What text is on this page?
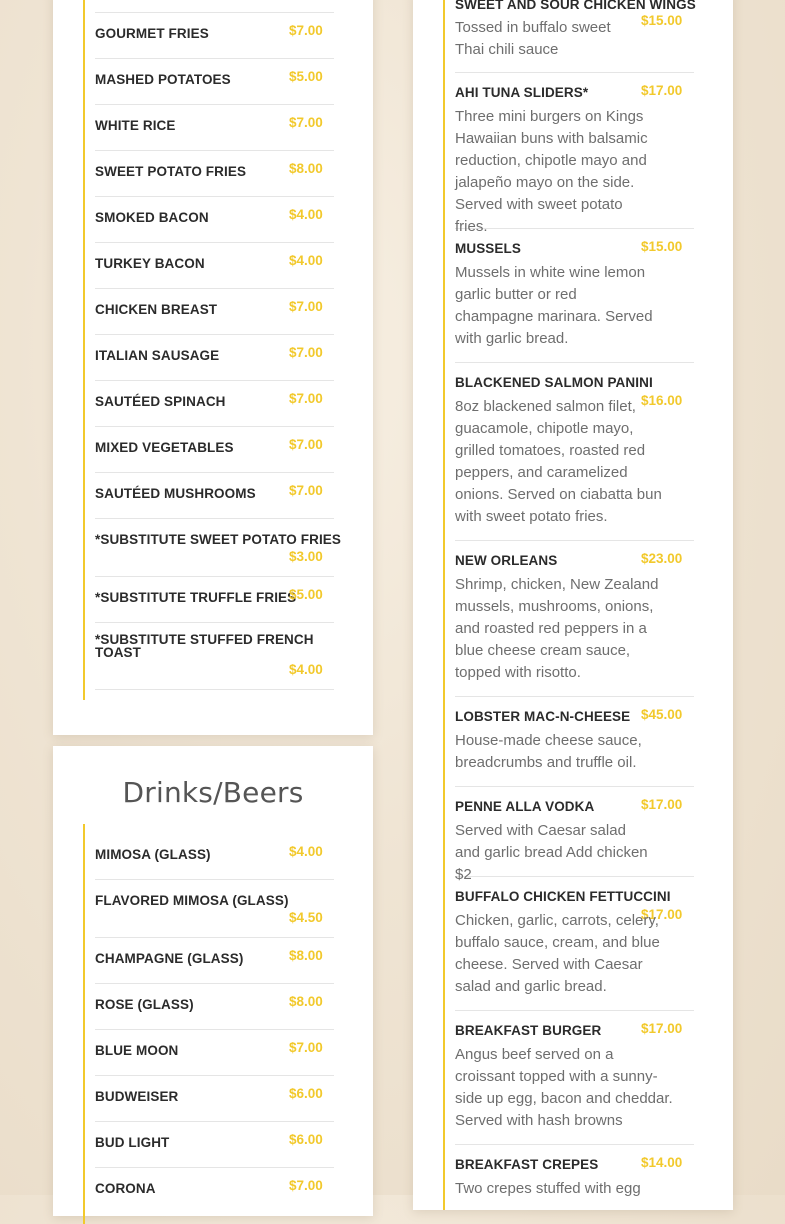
GOURMET FRIES	$7.00
MASHED POTATOES	$5.00
WHITE RICE	$7.00
SWEET POTATO FRIES	$8.00
SMOKED BACON	$4.00
TURKEY BACON	$4.00
CHICKEN BREAST	$7.00
ITALIAN SAUSAGE	$7.00
SAUTÉED SPINACH	$7.00
MIXED VEGETABLES	$7.00
SAUTÉED MUSHROOMS $7.00
*SUBSTITUTE SWEET POTATO FRIES
$3.00
*SUBSTITUTE TRUFFLE FRIES
$5.00
*SUBSTITUTE STUFFED FRENCH TOAST
$4.00
Drinks/Beers
MIMOSA (GLASS)	$4.00
FLAVORED MIMOSA (GLASS)
$4.50
CHAMPAGNE (GLASS)	$8.00
ROSE (GLASS)	$8.00
BLUE MOON	$7.00
BUDWEISER	$6.00
BUD LIGHT	$6.00
CORONA	$7.00
SWEET AND SOUR CHICKEN WINGS
$15.00
Tossed in buffalo sweet Thai chili sauce
AHI TUNA SLIDERS*	$17.00
Three mini burgers on Kings Hawaiian buns with balsamic reduction, chipotle mayo and jalapeño mayo on the side. Served with sweet potato fries.
MUSSELS	$15.00
Mussels in white wine lemon garlic butter or red champagne marinara. Served with garlic bread.
BLACKENED SALMON PANINI
$16.00
8oz blackened salmon filet, guacamole, chipotle mayo, grilled tomatoes, roasted red peppers, and caramelized onions. Served on ciabatta bun with sweet potato fries.
NEW ORLEANS	$23.00
Shrimp, chicken, New Zealand mussels, mushrooms, onions, and roasted red peppers in a blue cheese cream sauce, topped with risotto.
LOBSTER MAC-N-CHEESE $45.00
House-made cheese sauce, breadcrumbs and truffle oil.
PENNE ALLA VODKA	$17.00
Served with Caesar salad and garlic bread Add chicken $2
BUFFALO CHICKEN FETTUCCINI
$17.00
Chicken, garlic, carrots, celery, buffalo sauce, cream, and blue cheese. Served with Caesar salad and garlic bread.
BREAKFAST BURGER	$17.00
Angus beef served on a croissant topped with a sunny-side up egg, bacon and cheddar. Served with hash browns
BREAKFAST CREPES	$14.00
Two crepes stuffed with egg
